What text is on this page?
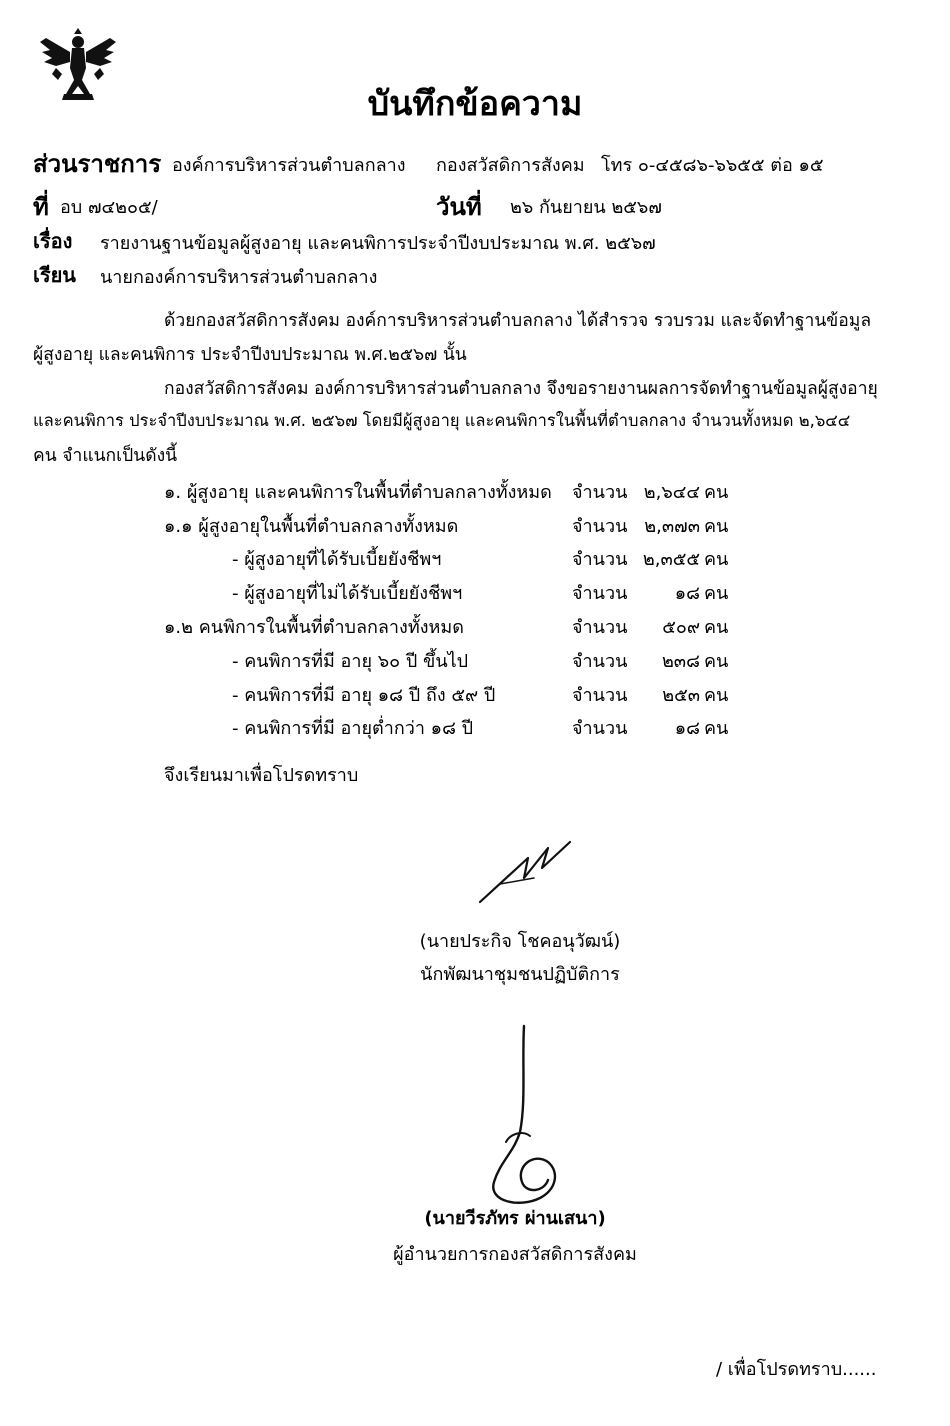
บันทึกข้อความ
ส่วนราชการ องค์การบริหารส่วนตำบลกลาง กองสวัสดิการสังคม โทร ๐-๔๕๘๖-๖๖๕๕ ต่อ ๑๕
ที่ อบ ๗๔๒๐๕/	วันที่ ๒๖ กันยายน ๒๕๖๗
เรื่อง รายงานฐานข้อมูลผู้สูงอายุ และคนพิการประจำปีงบประมาณ พ.ศ. ๒๕๖๗
เรียน นายกองค์การบริหารส่วนตำบลกลาง
ด้วยกองสวัสดิการสังคม องค์การบริหารส่วนตำบลกลาง ได้สำรวจ รวบรวม และจัดทำฐานข้อมูล
ผู้สูงอายุ และคนพิการ ประจำปีงบประมาณ พ.ศ.๒๕๖๗ นั้น
กองสวัสดิการสังคม องค์การบริหารส่วนตำบลกลาง จึงขอรายงานผลการจัดทำฐานข้อมูลผู้สูงอายุ
และคนพิการ ประจำปีงบประมาณ พ.ศ. ๒๕๖๗ โดยมีผู้สูงอายุ และคนพิการในพื้นที่ตำบลกลาง จำนวนทั้งหมด ๒,๖๔๔
คน จำแนกเป็นดังนี้
๑. ผู้สูงอายุ และคนพิการในพื้นที่ตำบลกลางทั้งหมด จำนวน ๒,๖๔๔ คน
๑.๑ ผู้สูงอายุในพื้นที่ตำบลกลางทั้งหมด	จำนวน ๒,๓๗๓ คน
- ผู้สูงอายุที่ได้รับเบี้ยยังชีพฯ	จำนวน ๒,๓๕๕ คน
- ผู้สูงอายุที่ไม่ได้รับเบี้ยยังชีพฯ	จำนวน	๑๘ คน
๑.๒ คนพิการในพื้นที่ตำบลกลางทั้งหมด	จำนวน	๕๐๙ คน
- คนพิการที่มี อายุ ๖๐ ปี ขึ้นไป	จำนวน	๒๓๘ คน
- คนพิการที่มี อายุ ๑๘ ปี ถึง ๕๙ ปี	จำนวน	๒๕๓ คน
- คนพิการที่มี อายุต่ำกว่า ๑๘ ปี	จำนวน	๑๘ คน
จึงเรียนมาเพื่อโปรดทราบ
(นายประกิจ โชคอนุวัฒน์)
นักพัฒนาชุมชนปฏิบัติการ
(นายวีรภัทร ผ่านเสนา)
ผู้อำนวยการกองสวัสดิการสังคม
/ เพื่อโปรดทราบ......
